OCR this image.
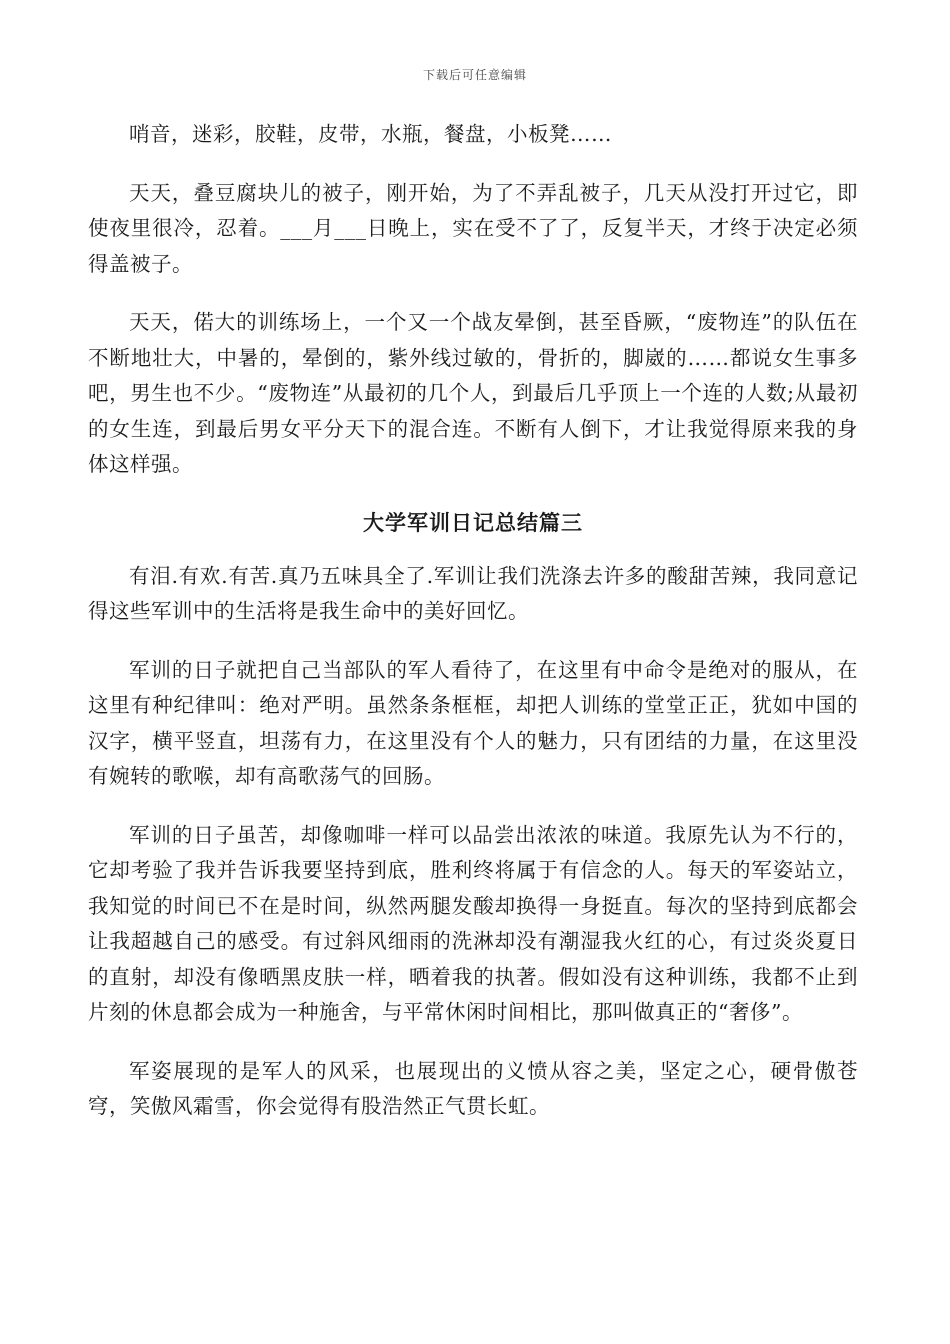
下载后可任意编辑

哨音，迷彩，胶鞋，皮带，水瓶，餐盘，小板凳……

天天，叠豆腐块儿的被子，刚开始，为了不弄乱被子，几天从没打开过它，即使夜里很冷，忍着。___月___日晚上，实在受不了了，反复半天，才终于决定必须得盖被子。

天天，偌大的训练场上，一个又一个战友晕倒，甚至昏厥，“废物连”的队伍在不断地壮大，中暑的，晕倒的，紫外线过敏的，骨折的，脚崴的……都说女生事多吧，男生也不少。“废物连”从最初的几个人，到最后几乎顶上一个连的人数;从最初的女生连，到最后男女平分天下的混合连。不断有人倒下，才让我觉得原来我的身体这样强。

大学军训日记总结篇三

有泪.有欢.有苦.真乃五味具全了.军训让我们洗涤去许多的酸甜苦辣，我同意记得这些军训中的生活将是我生命中的美好回忆。

军训的日子就把自己当部队的军人看待了，在这里有中命令是绝对的服从，在这里有种纪律叫：绝对严明。虽然条条框框，却把人训练的堂堂正正，犹如中国的汉字，横平竖直，坦荡有力，在这里没有个人的魅力，只有团结的力量，在这里没有婉转的歌喉，却有高歌荡气的回肠。

军训的日子虽苦，却像咖啡一样可以品尝出浓浓的味道。我原先认为不行的，它却考验了我并告诉我要坚持到底，胜利终将属于有信念的人。每天的军姿站立，我知觉的时间已不在是时间，纵然两腿发酸却换得一身挺直。每次的坚持到底都会让我超越自己的感受。有过斜风细雨的洗淋却没有潮湿我火红的心，有过炎炎夏日的直射，却没有像晒黑皮肤一样，晒着我的执著。假如没有这种训练，我都不止到片刻的休息都会成为一种施舍，与平常休闲时间相比，那叫做真正的“奢侈”。

军姿展现的是军人的风采，也展现出的义愤从容之美，坚定之心，硬骨傲苍穹，笑傲风霜雪，你会觉得有股浩然正气贯长虹。
